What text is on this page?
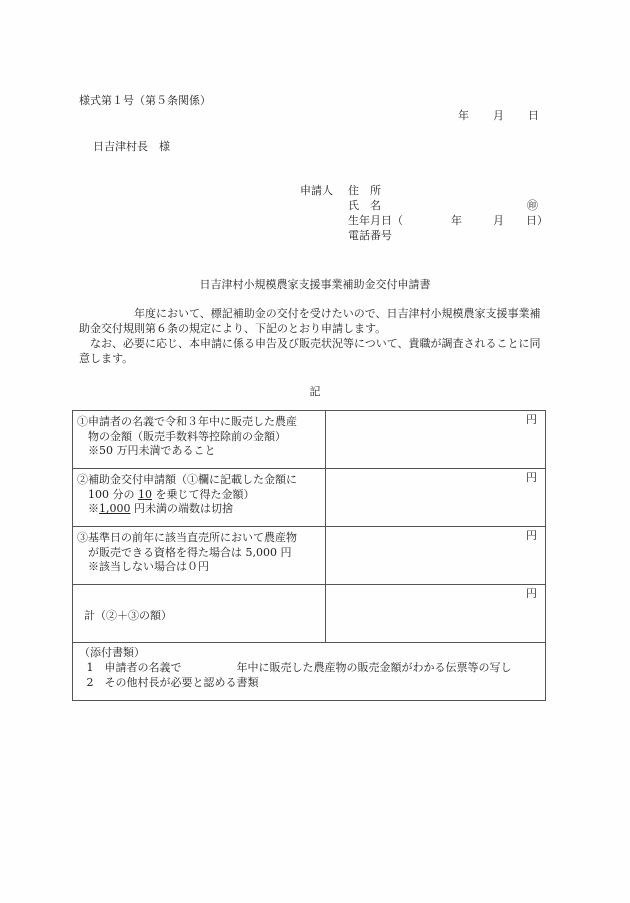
様式第１号（第５条関係）
年 月 日
日吉津村長　様
申請人 住　所
氏　名	㊞
生年月日（	年	月 日）
電話番号
日吉津村小規模農家支援事業補助金交付申請書
年度において、標記補助金の交付を受けたいので、日吉津村小規模農家支援事業補助金交付規則第６条の規定により、下記のとおり申請します。
なお、必要に応じ、本申請に係る申告及び販売状況等について、貴職が調査されることに同意します。
記
①申請者の名義で令和３年中に販売した農産
物の金額（販売手数料等控除前の金額）
※50 万円未満であること	円

②補助金交付申請額（①欄に記載した金額に
100 分の 10 を乗じて得た金額）
※1,000 円未満の端数は切捨	円

③基準日の前年に該当直売所において農産物
が販売できる資格を得た場合は 5,000 円
※該当しない場合は０円	円

計（②＋③の額）	円

（添付書類）
1 申請者の名義で　　　　　年中に販売した農産物の販売金額がわかる伝票等の写し
2 その他村長が必要と認める書類	
